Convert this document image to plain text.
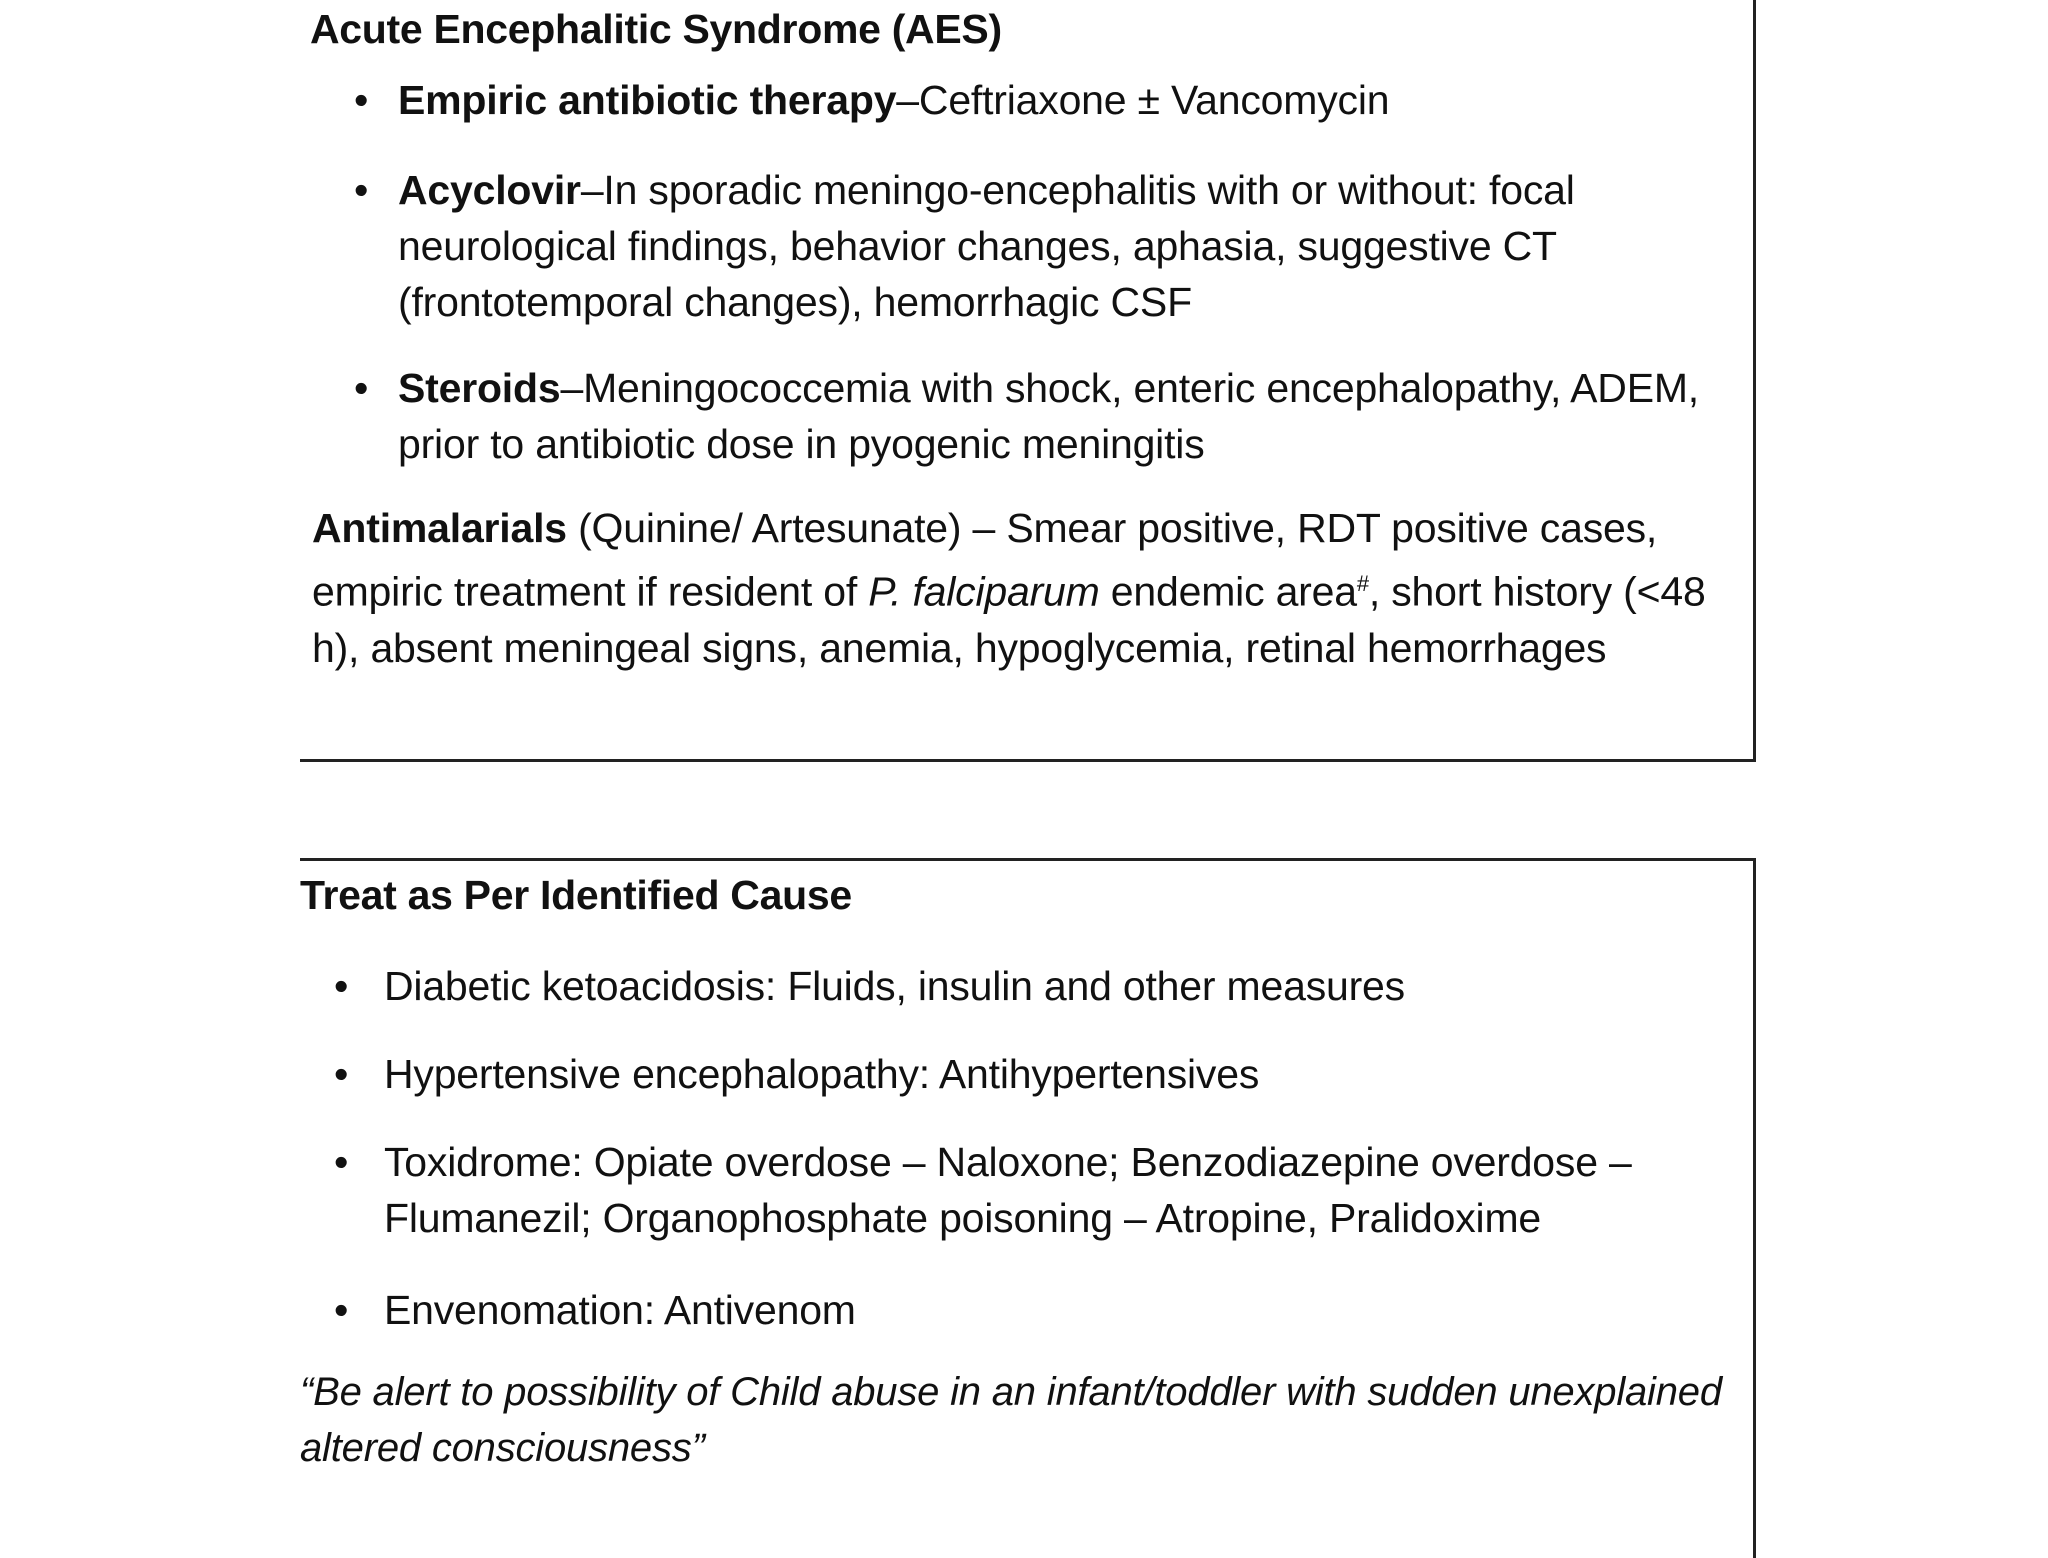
Acute Encephalitic Syndrome (AES)
• Empiric antibiotic therapy–Ceftriaxone ± Vancomycin
• Acyclovir–In sporadic meningo-encephalitis with or without: focal neurological findings, behavior changes, aphasia, suggestive CT (frontotemporal changes), hemorrhagic CSF
• Steroids–Meningococcemia with shock, enteric encephalopathy, ADEM, prior to antibiotic dose in pyogenic meningitis
Antimalarials (Quinine/ Artesunate) – Smear positive, RDT positive cases, empiric treatment if resident of P. falciparum endemic area#, short history (<48 h), absent meningeal signs, anemia, hypoglycemia, retinal hemorrhages
Treat as Per Identified Cause
• Diabetic ketoacidosis: Fluids, insulin and other measures
• Hypertensive encephalopathy: Antihypertensives
• Toxidrome: Opiate overdose – Naloxone; Benzodiazepine overdose – Flumanezil; Organophosphate poisoning – Atropine, Pralidoxime
• Envenomation: Antivenom
“Be alert to possibility of Child abuse in an infant/toddler with sudden unexplained altered consciousness”
